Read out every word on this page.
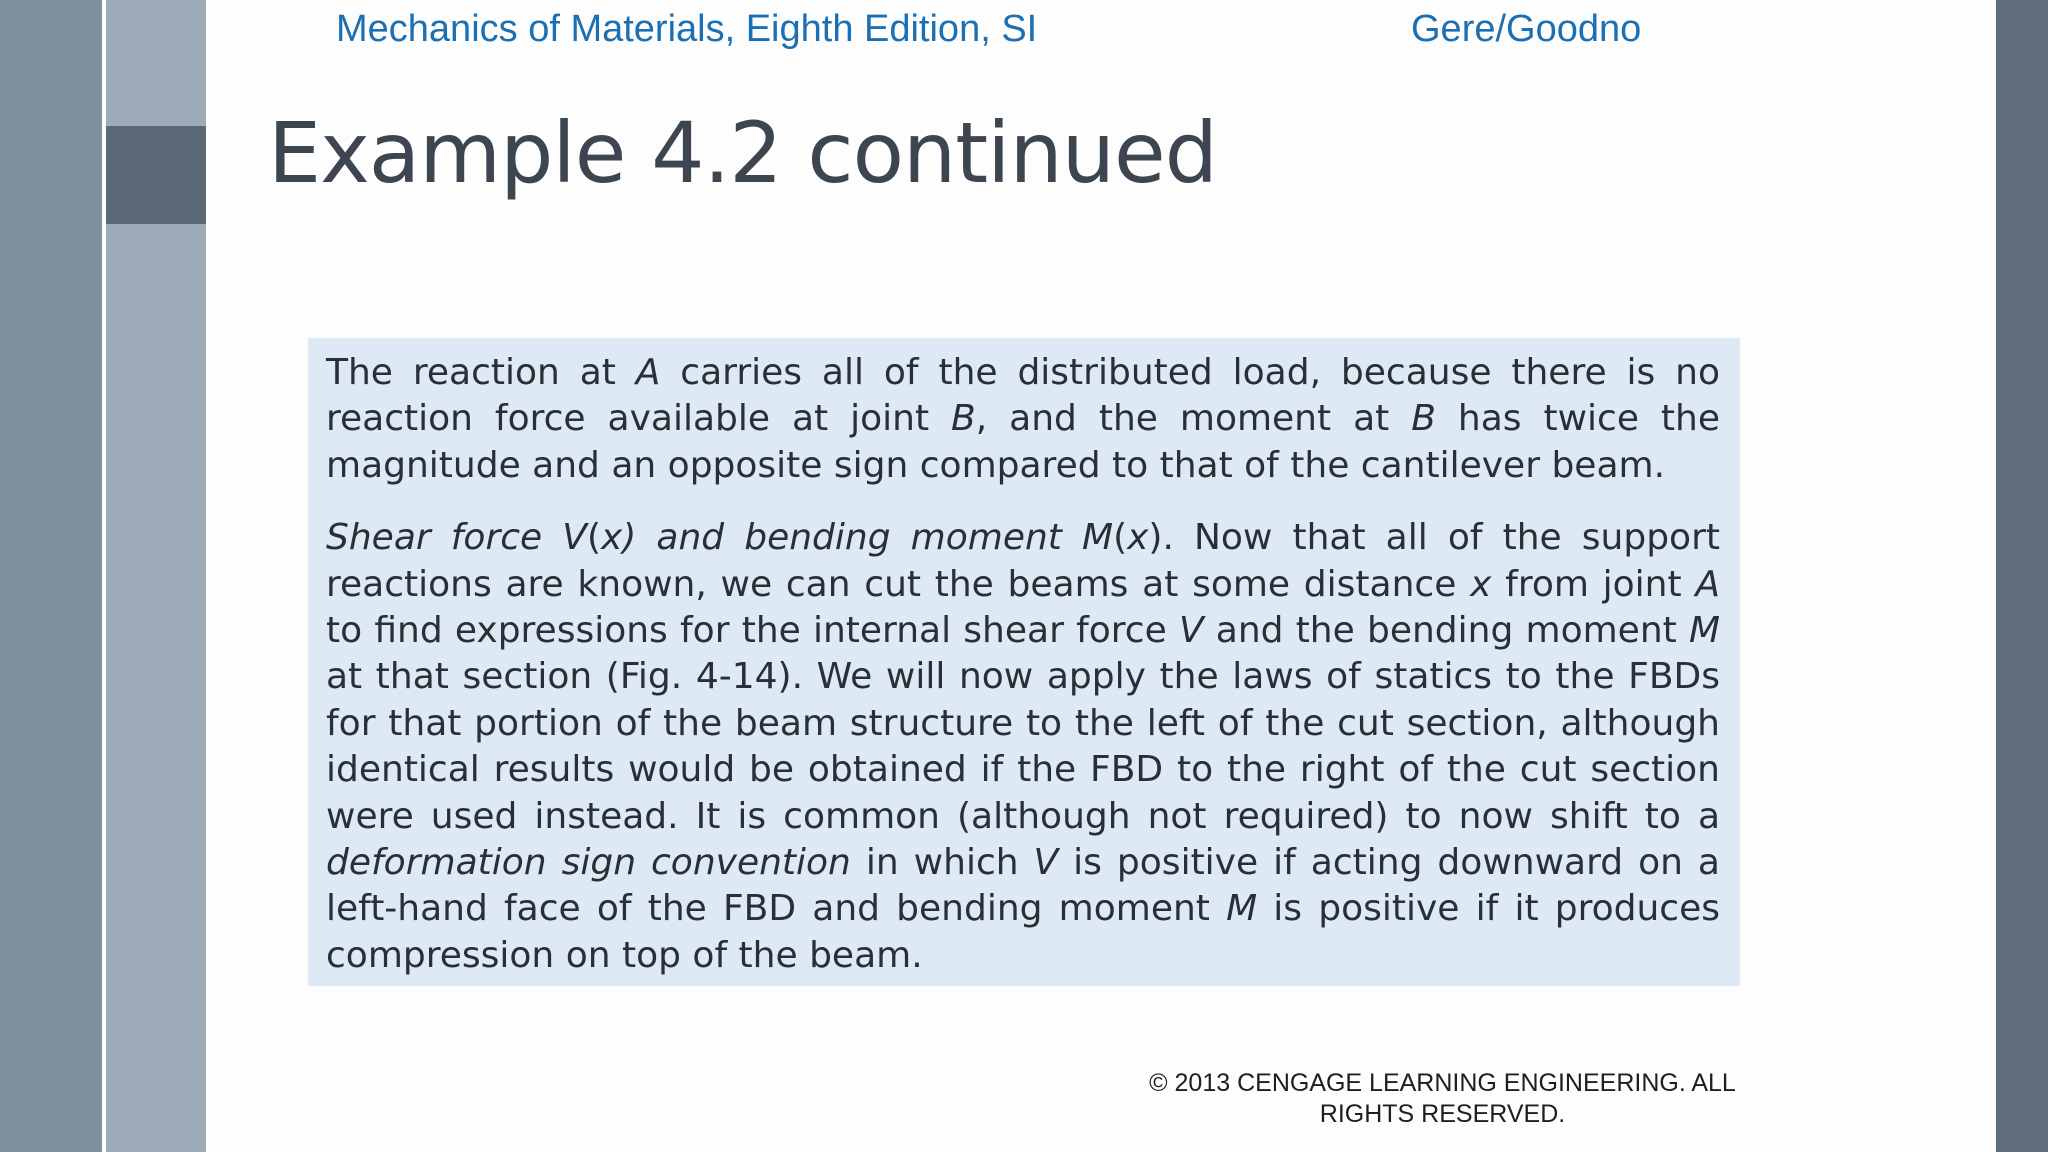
Mechanics of Materials, Eighth Edition, SI	Gere/Goodno
Example 4.2 continued

The reaction at A carries all of the distributed load, because there is no reaction force available at joint B, and the moment at B has twice the magnitude and an opposite sign compared to that of the cantilever beam.

Shear force V(x) and bending moment M(x). Now that all of the support reactions are known, we can cut the beams at some distance x from joint A to find expressions for the internal shear force V and the bending moment M at that section (Fig. 4-14). We will now apply the laws of statics to the FBDs for that portion of the beam structure to the left of the cut section, although identical results would be obtained if the FBD to the right of the cut section were used instead. It is common (although not required) to now shift to a deformation sign convention in which V is positive if acting downward on a left-hand face of the FBD and bending moment M is positive if it produces compression on top of the beam.

© 2013 CENGAGE LEARNING ENGINEERING. ALL RIGHTS RESERVED.
